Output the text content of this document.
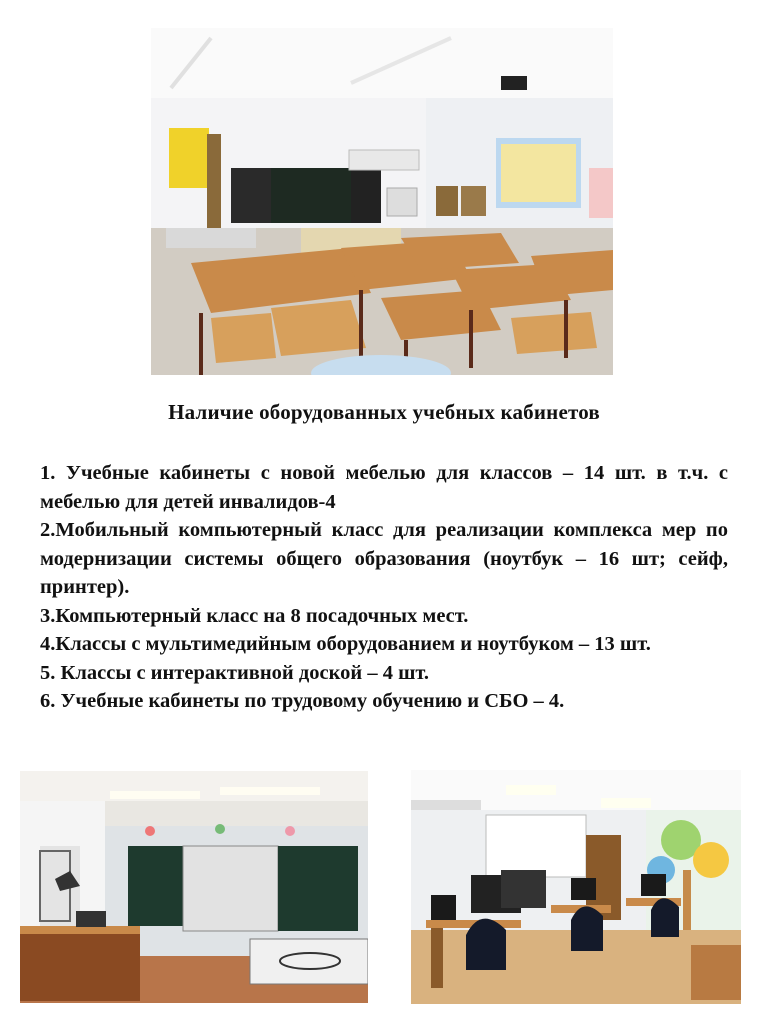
Наличие оборудованных учебных кабинетов
1. Учебные кабинеты с новой мебелью для классов – 14 шт. в т.ч. с мебелью для детей инвалидов-4
2.Мобильный компьютерный класс для реализации комплекса мер по модернизации системы общего образования (ноутбук – 16 шт; сейф, принтер).
3.Компьютерный класс на 8 посадочных мест.
4.Классы с мультимедийным оборудованием и ноутбуком – 13 шт.
5. Классы с интерактивной доской – 4 шт.
6. Учебные кабинеты по трудовому обучению и СБО – 4.
